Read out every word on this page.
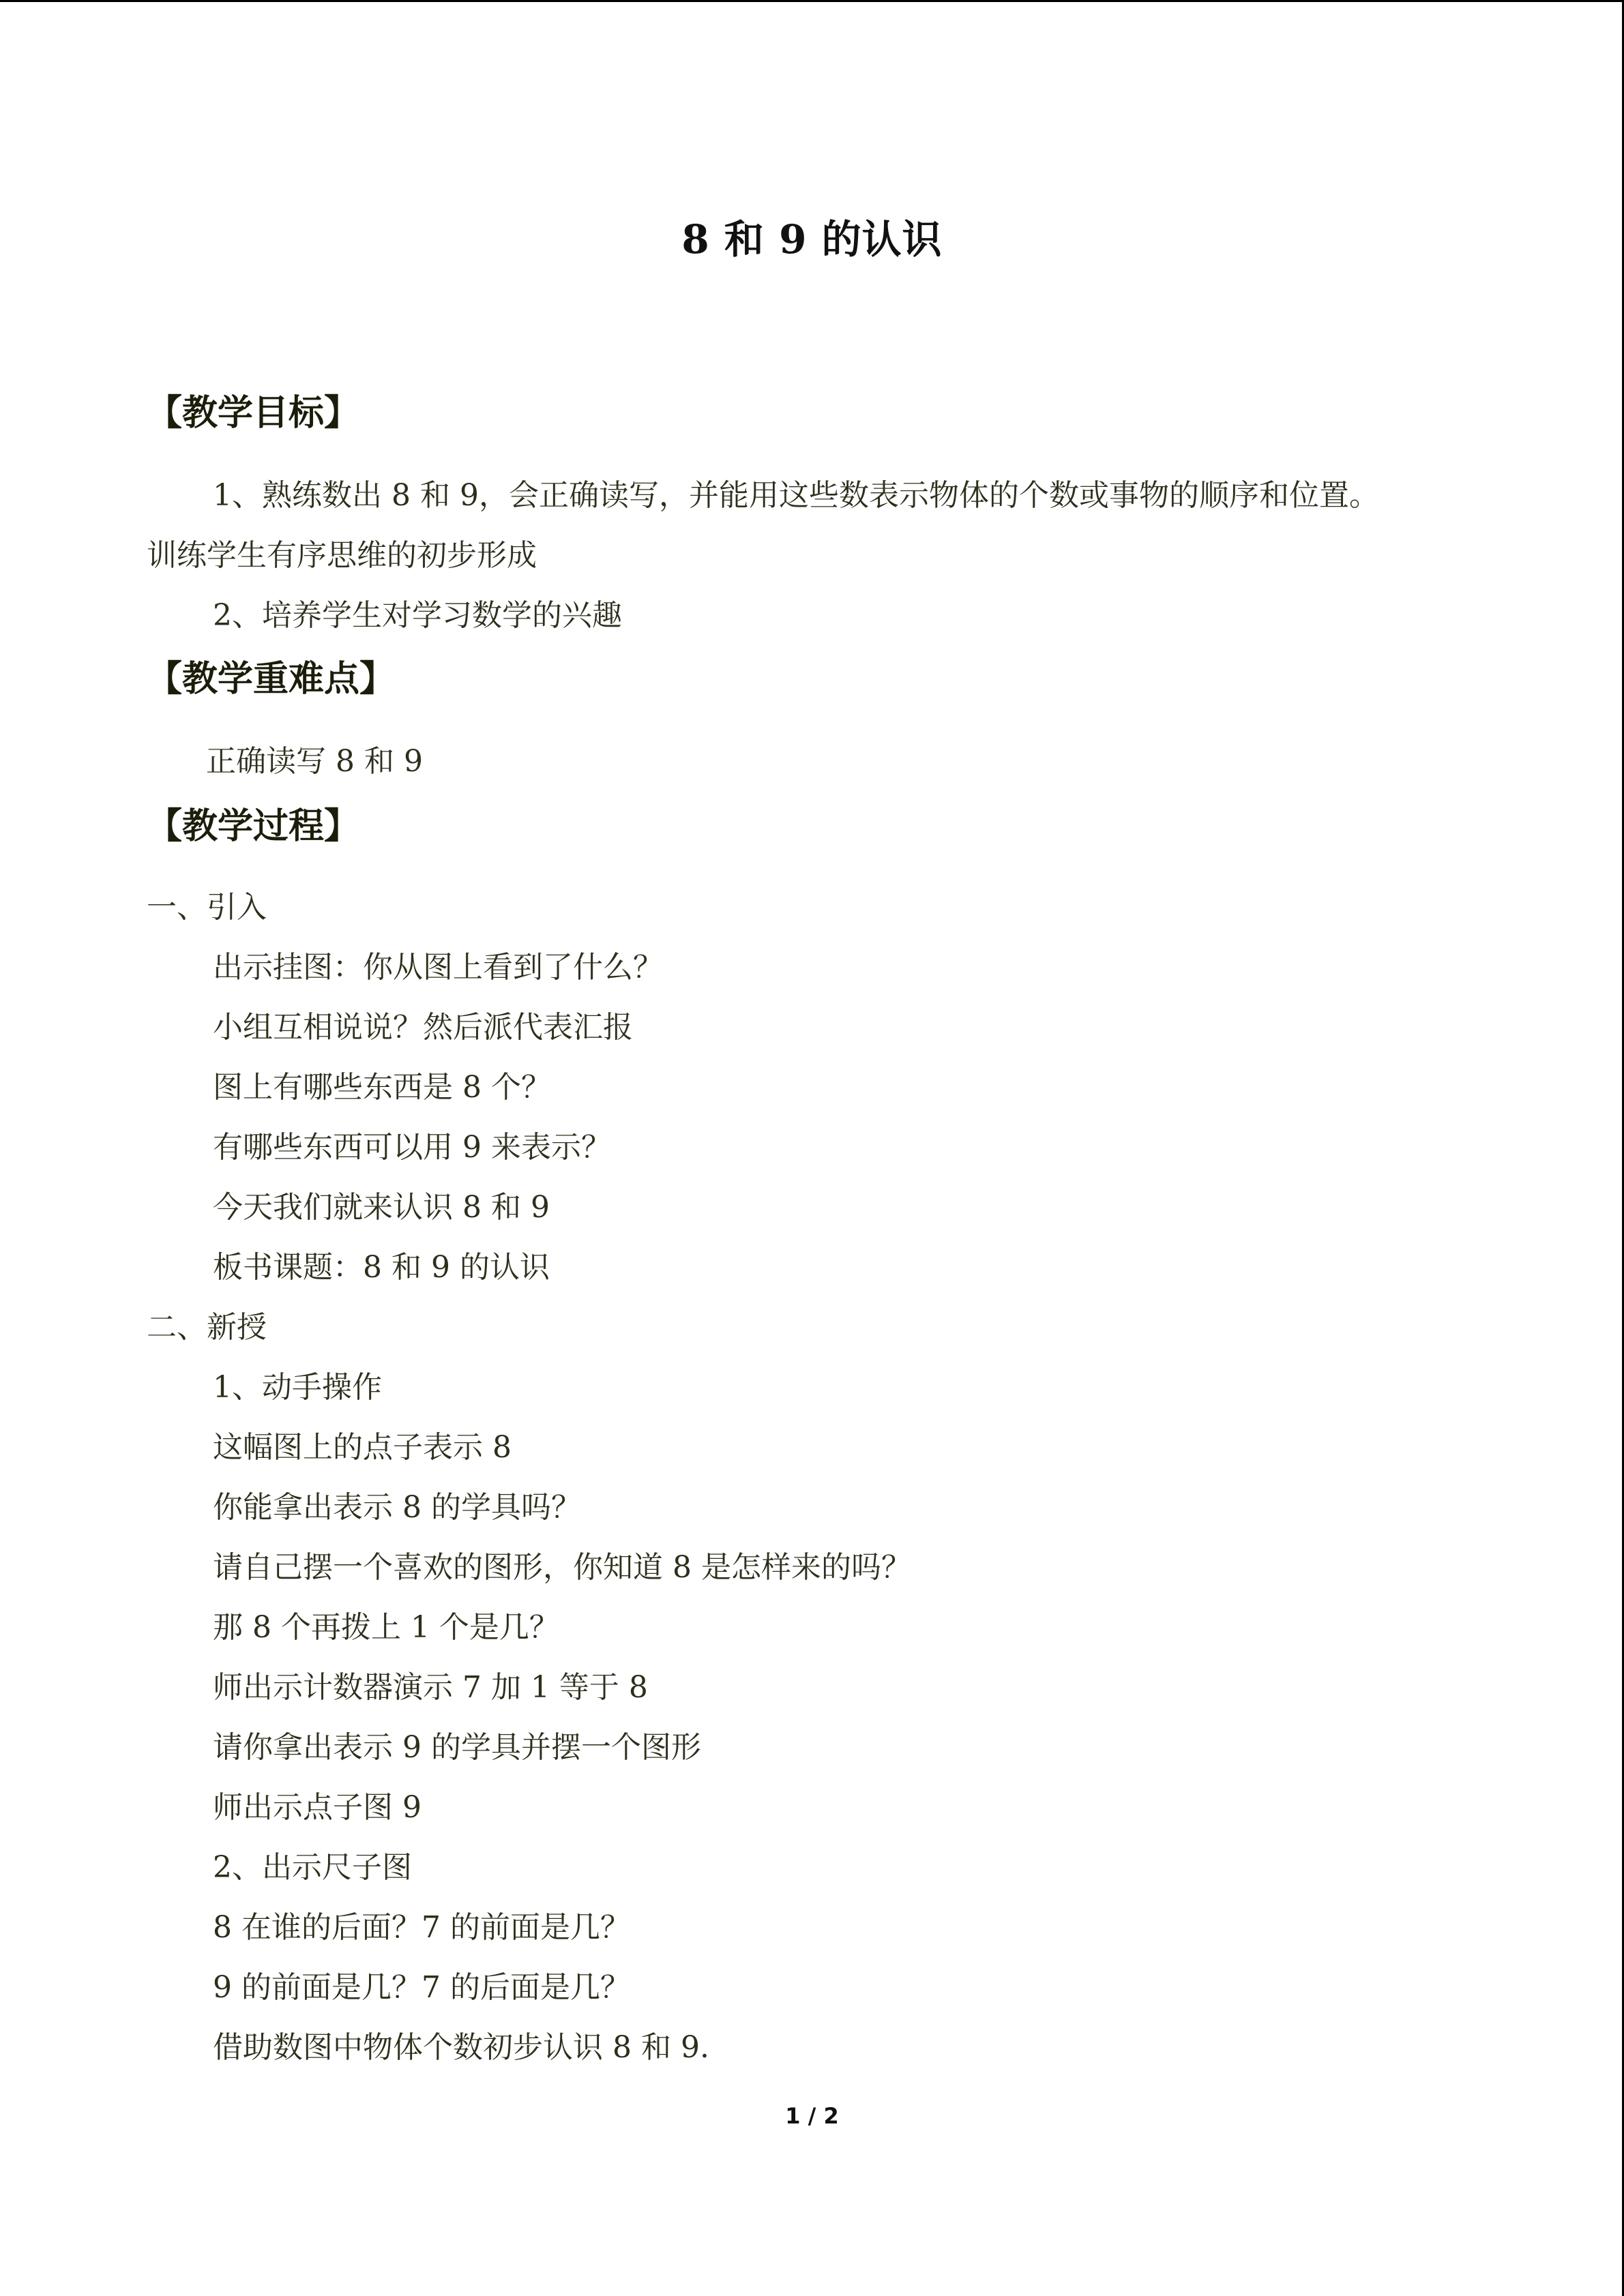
8 和 9 的认识
【教学目标】
1、熟练数出 8 和 9，会正确读写，并能用这些数表示物体的个数或事物的顺序和位置。
训练学生有序思维的初步形成
2、培养学生对学习数学的兴趣
【教学重难点】
正确读写 8 和 9
【教学过程】
一、引入
出示挂图：你从图上看到了什么？
小组互相说说？然后派代表汇报
图上有哪些东西是 8 个？
有哪些东西可以用 9 来表示？
今天我们就来认识 8 和 9
板书课题：8 和 9 的认识
二、新授
1、动手操作
这幅图上的点子表示 8
你能拿出表示 8 的学具吗？
请自己摆一个喜欢的图形，你知道 8 是怎样来的吗？
那 8 个再拨上 1 个是几？
师出示计数器演示 7 加 1 等于 8
请你拿出表示 9 的学具并摆一个图形
师出示点子图 9
2、出示尺子图
8 在谁的后面？7 的前面是几？
9 的前面是几？7 的后面是几？
借助数图中物体个数初步认识 8 和 9.
1 / 2
